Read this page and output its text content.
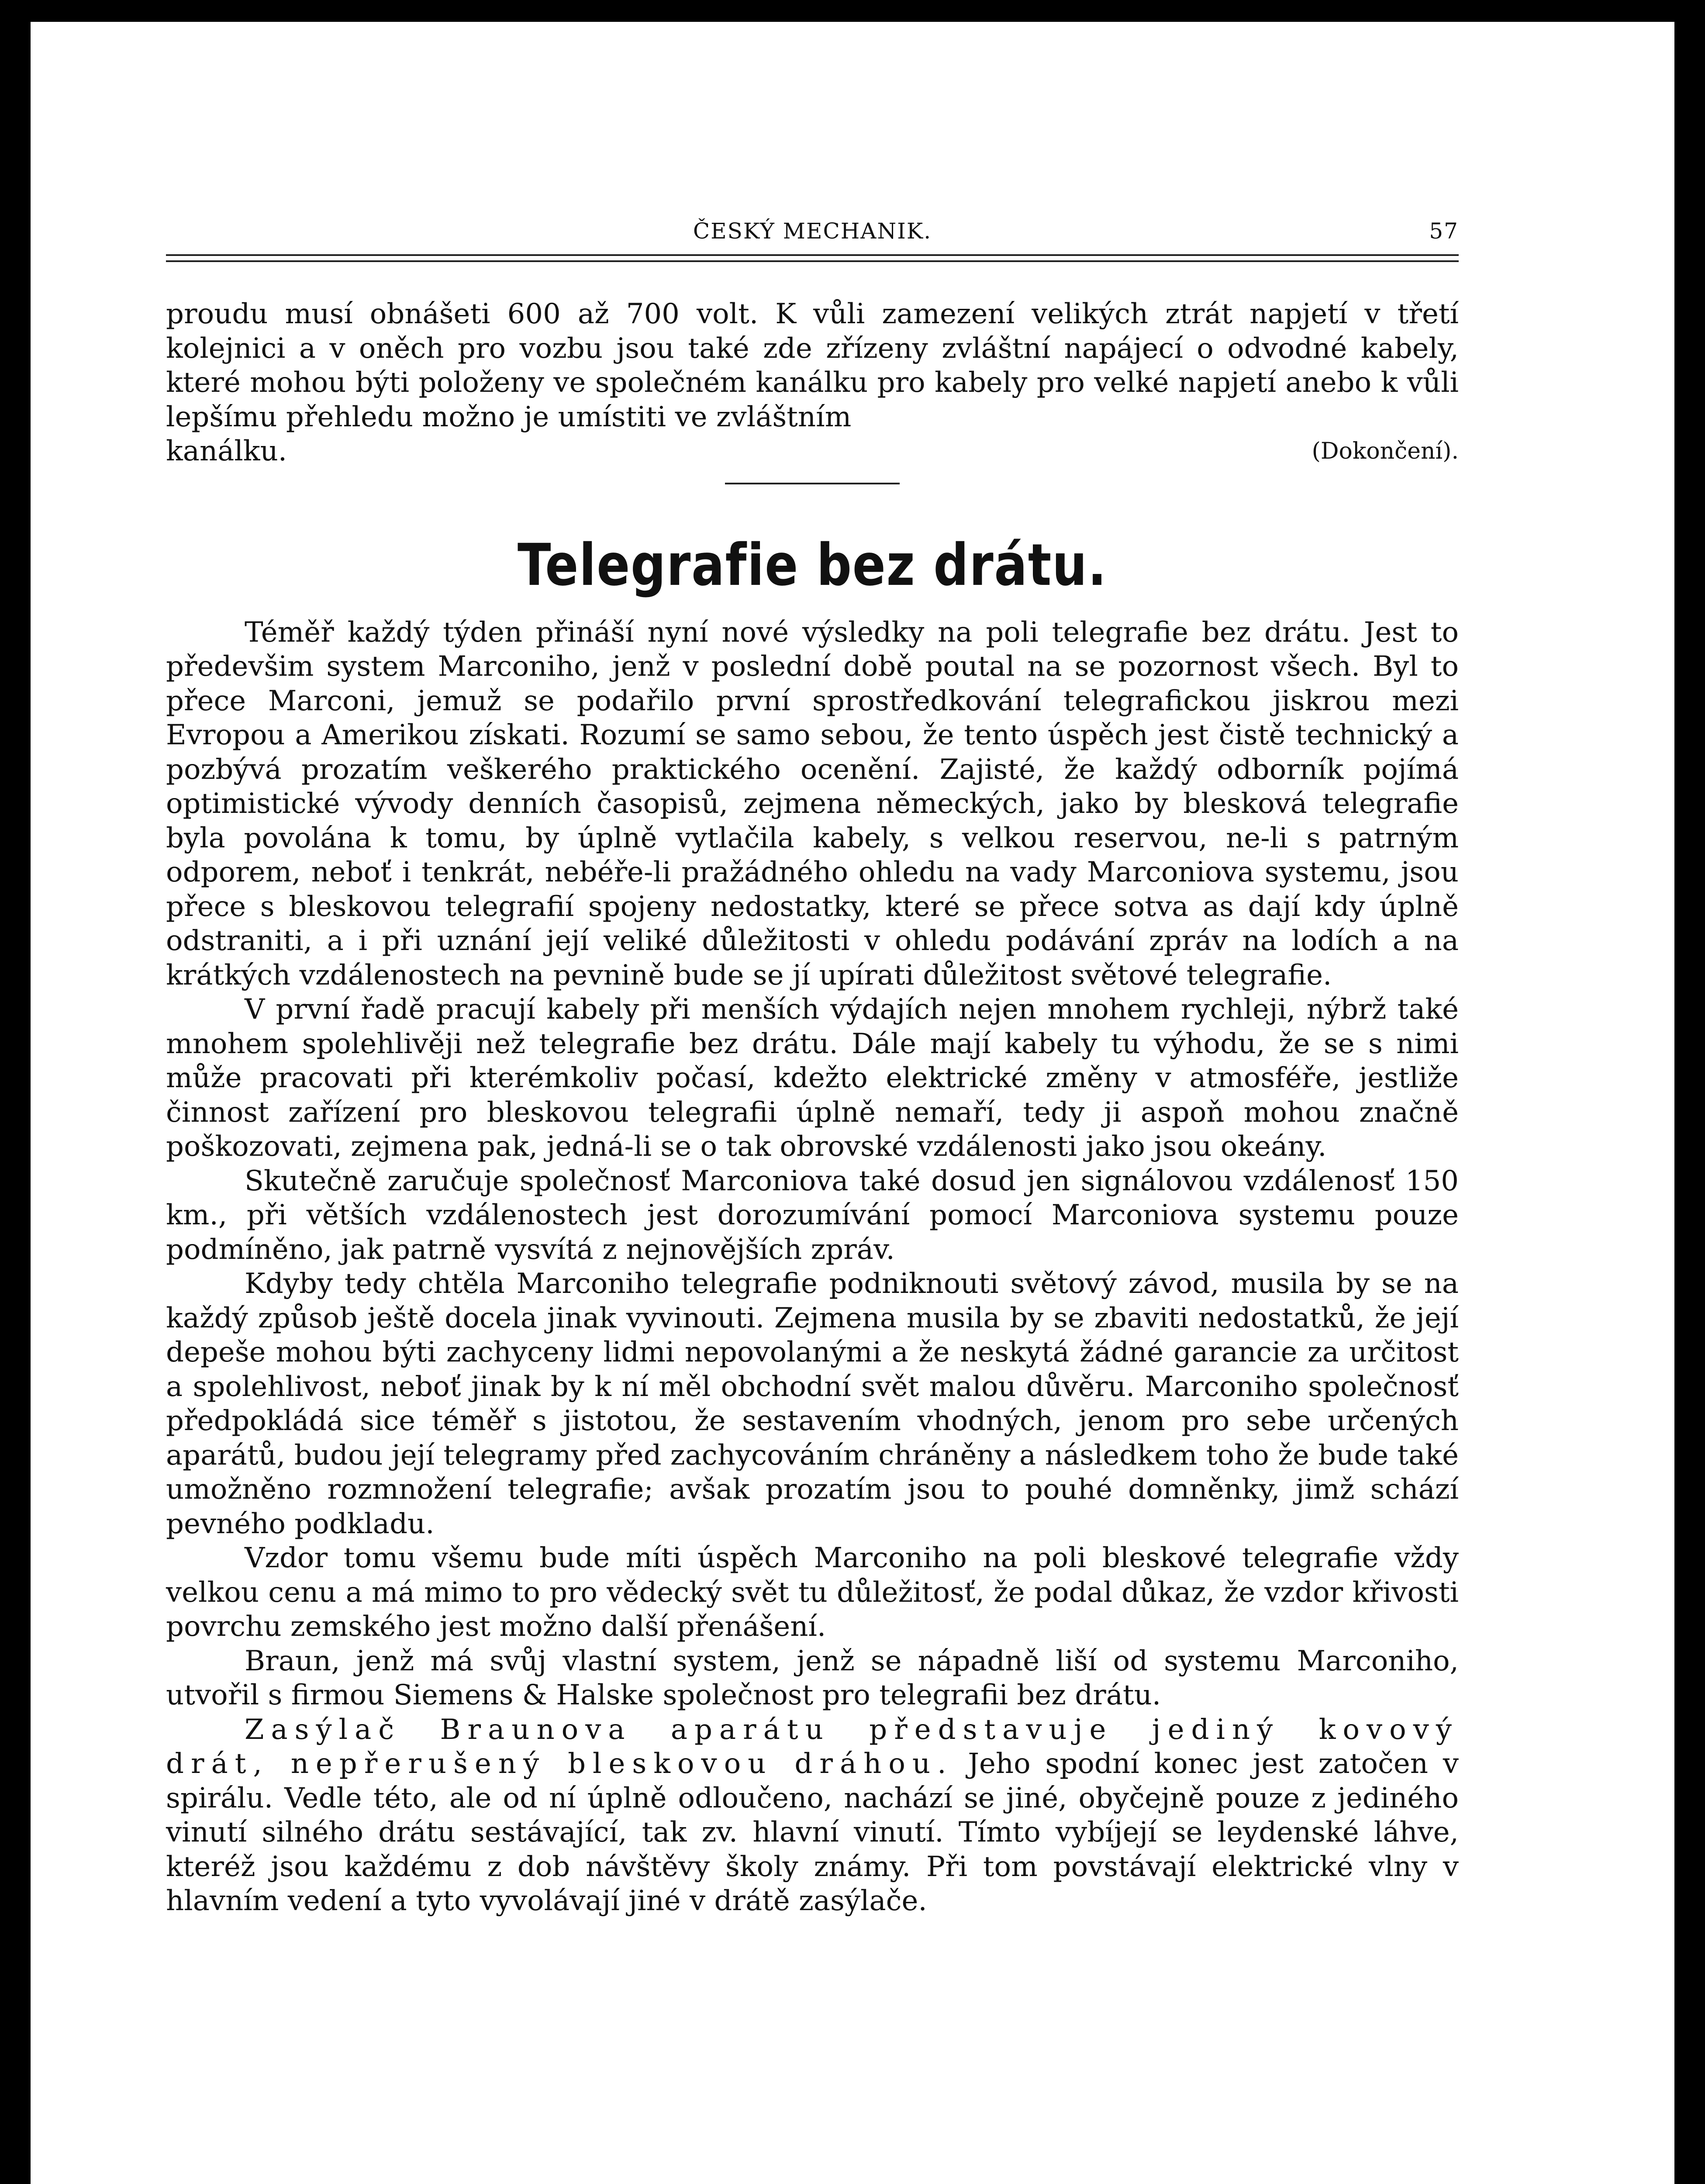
ČESKÝ MECHANIK.	57

proudu musí obnášeti 600 až 700 volt. K vůli zamezení velikých ztrát napjetí v třetí kolejnici a v oněch pro vozbu jsou také zde zřízeny zvláštní napájecí o odvodné kabely, které mohou býti položeny ve společném kanálku pro kabely pro velké napjetí anebo k vůli lepšímu přehledu možno je umístiti ve zvláštním

kanálku.	(Dokončení).
Telegrafie bez drátu.

Téměř každý týden přináší nyní nové výsledky na poli telegrafie bez drátu. Jest to předevšim system Marconiho, jenž v poslední době poutal na se pozornost všech. Byl to přece Marconi, jemuž se podařilo první sprostředkování telegrafickou jiskrou mezi Evropou a Amerikou získati. Rozumí se samo sebou, že tento úspěch jest čistě technický a pozbývá prozatím veškerého praktického ocenění. Zajisté, že každý odborník pojímá optimistické vývody denních časopisů, zejmena německých, jako by blesková telegrafie byla povolána k tomu, by úplně vytlačila kabely, s velkou reservou, ne-li s patrným odporem, neboť i tenkrát, nebéře-li pražádného ohledu na vady Marconiova systemu, jsou přece s bleskovou telegrafií spojeny nedostatky, které se přece sotva as dají kdy úplně odstraniti, a i při uznání její veliké důležitosti v ohledu podávání zpráv na lodích a na krátkých vzdálenostech na pevnině bude se jí upírati důležitost světové telegrafie.

V první řadě pracují kabely při menších výdajích nejen mnohem rychleji, nýbrž také mnohem spolehlivěji než telegrafie bez drátu. Dále mají kabely tu výhodu, že se s nimi může pracovati při kterémkoliv počasí, kdežto elektrické změny v atmosféře, jestliže činnost zařízení pro bleskovou telegrafii úplně nemaří, tedy ji aspoň mohou značně poškozovati, zejmena pak, jedná-li se o tak obrovské vzdálenosti jako jsou okeány.

Skutečně zaručuje společnosť Marconiova také dosud jen signálovou vzdálenosť 150 km., při větších vzdálenostech jest dorozumívání pomocí Marconiova systemu pouze podmíněno, jak patrně vysvítá z nejnovějších zpráv.

Kdyby tedy chtěla Marconiho telegrafie podniknouti světový závod, musila by se na každý způsob ještě docela jinak vyvinouti. Zejmena musila by se zbaviti nedostatků, že její depeše mohou býti zachyceny lidmi nepovolanými a že neskytá žádné garancie za určitost a spolehlivost, neboť jinak by k ní měl obchodní svět malou důvěru. Marconiho společnosť předpokládá sice téměř s jistotou, že sestavením vhodných, jenom pro sebe určených aparátů, budou její telegramy před zachycováním chráněny a následkem toho že bude také umožněno rozmnožení telegrafie; avšak prozatím jsou to pouhé domněnky, jimž schází pevného podkladu.

Vzdor tomu všemu bude míti úspěch Marconiho na poli bleskové telegrafie vždy velkou cenu a má mimo to pro vědecký svět tu důležitosť, že podal důkaz, že vzdor křivosti povrchu zemského jest možno další přenášení.

Braun, jenž má svůj vlastní system, jenž se nápadně liší od systemu Marconiho, utvořil s firmou Siemens & Halske společnost pro telegrafii bez drátu.

Zasýlač Braunova aparátu představuje jediný kovový drát, nepřerušený bleskovou dráhou. Jeho spodní konec jest zatočen v spirálu. Vedle této, ale od ní úplně odloučeno, nachází se jiné, obyčejně pouze z jediného vinutí silného drátu sestávající, tak zv. hlavní vinutí. Tímto vybíjejí se leydenské láhve, kteréž jsou každému z dob návštěvy školy známy. Při tom povstávají elektrické vlny v hlavním vedení a tyto vyvolávají jiné v drátě zasýlače.
